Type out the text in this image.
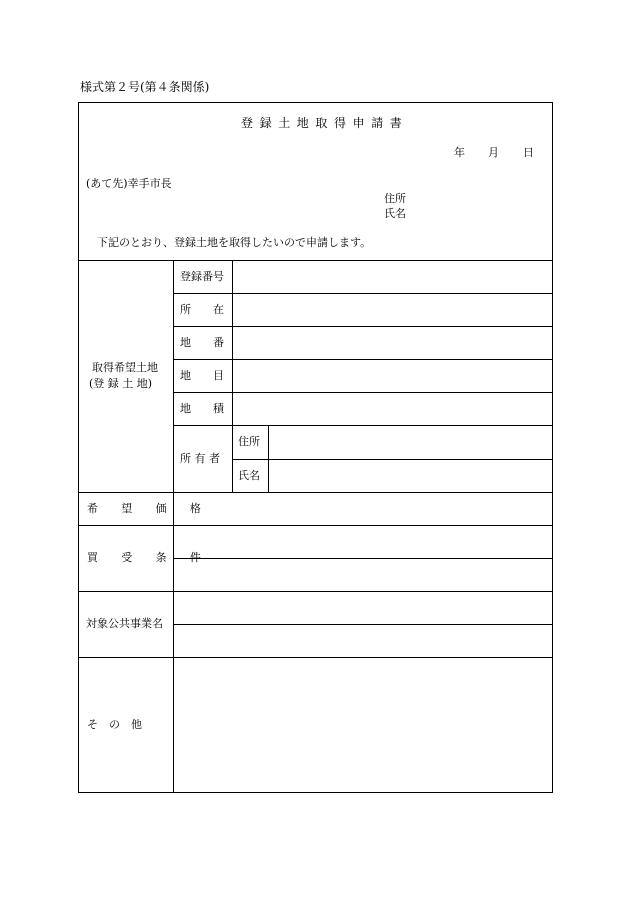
様式第２号(第４条関係)
登録土地取得申請書
年 月 日
(あて先)幸手市長
住所
氏名
下記のとおり、登録土地を取得したいので申請します。
取得希望土地
(登 録 土 地)
登録番号
所　　在
地　　番
地　　目
地　　積
所 有 者
住所
氏名
希 望 価 格
買 受 条 件
対象公共事業名
そ　の　他
